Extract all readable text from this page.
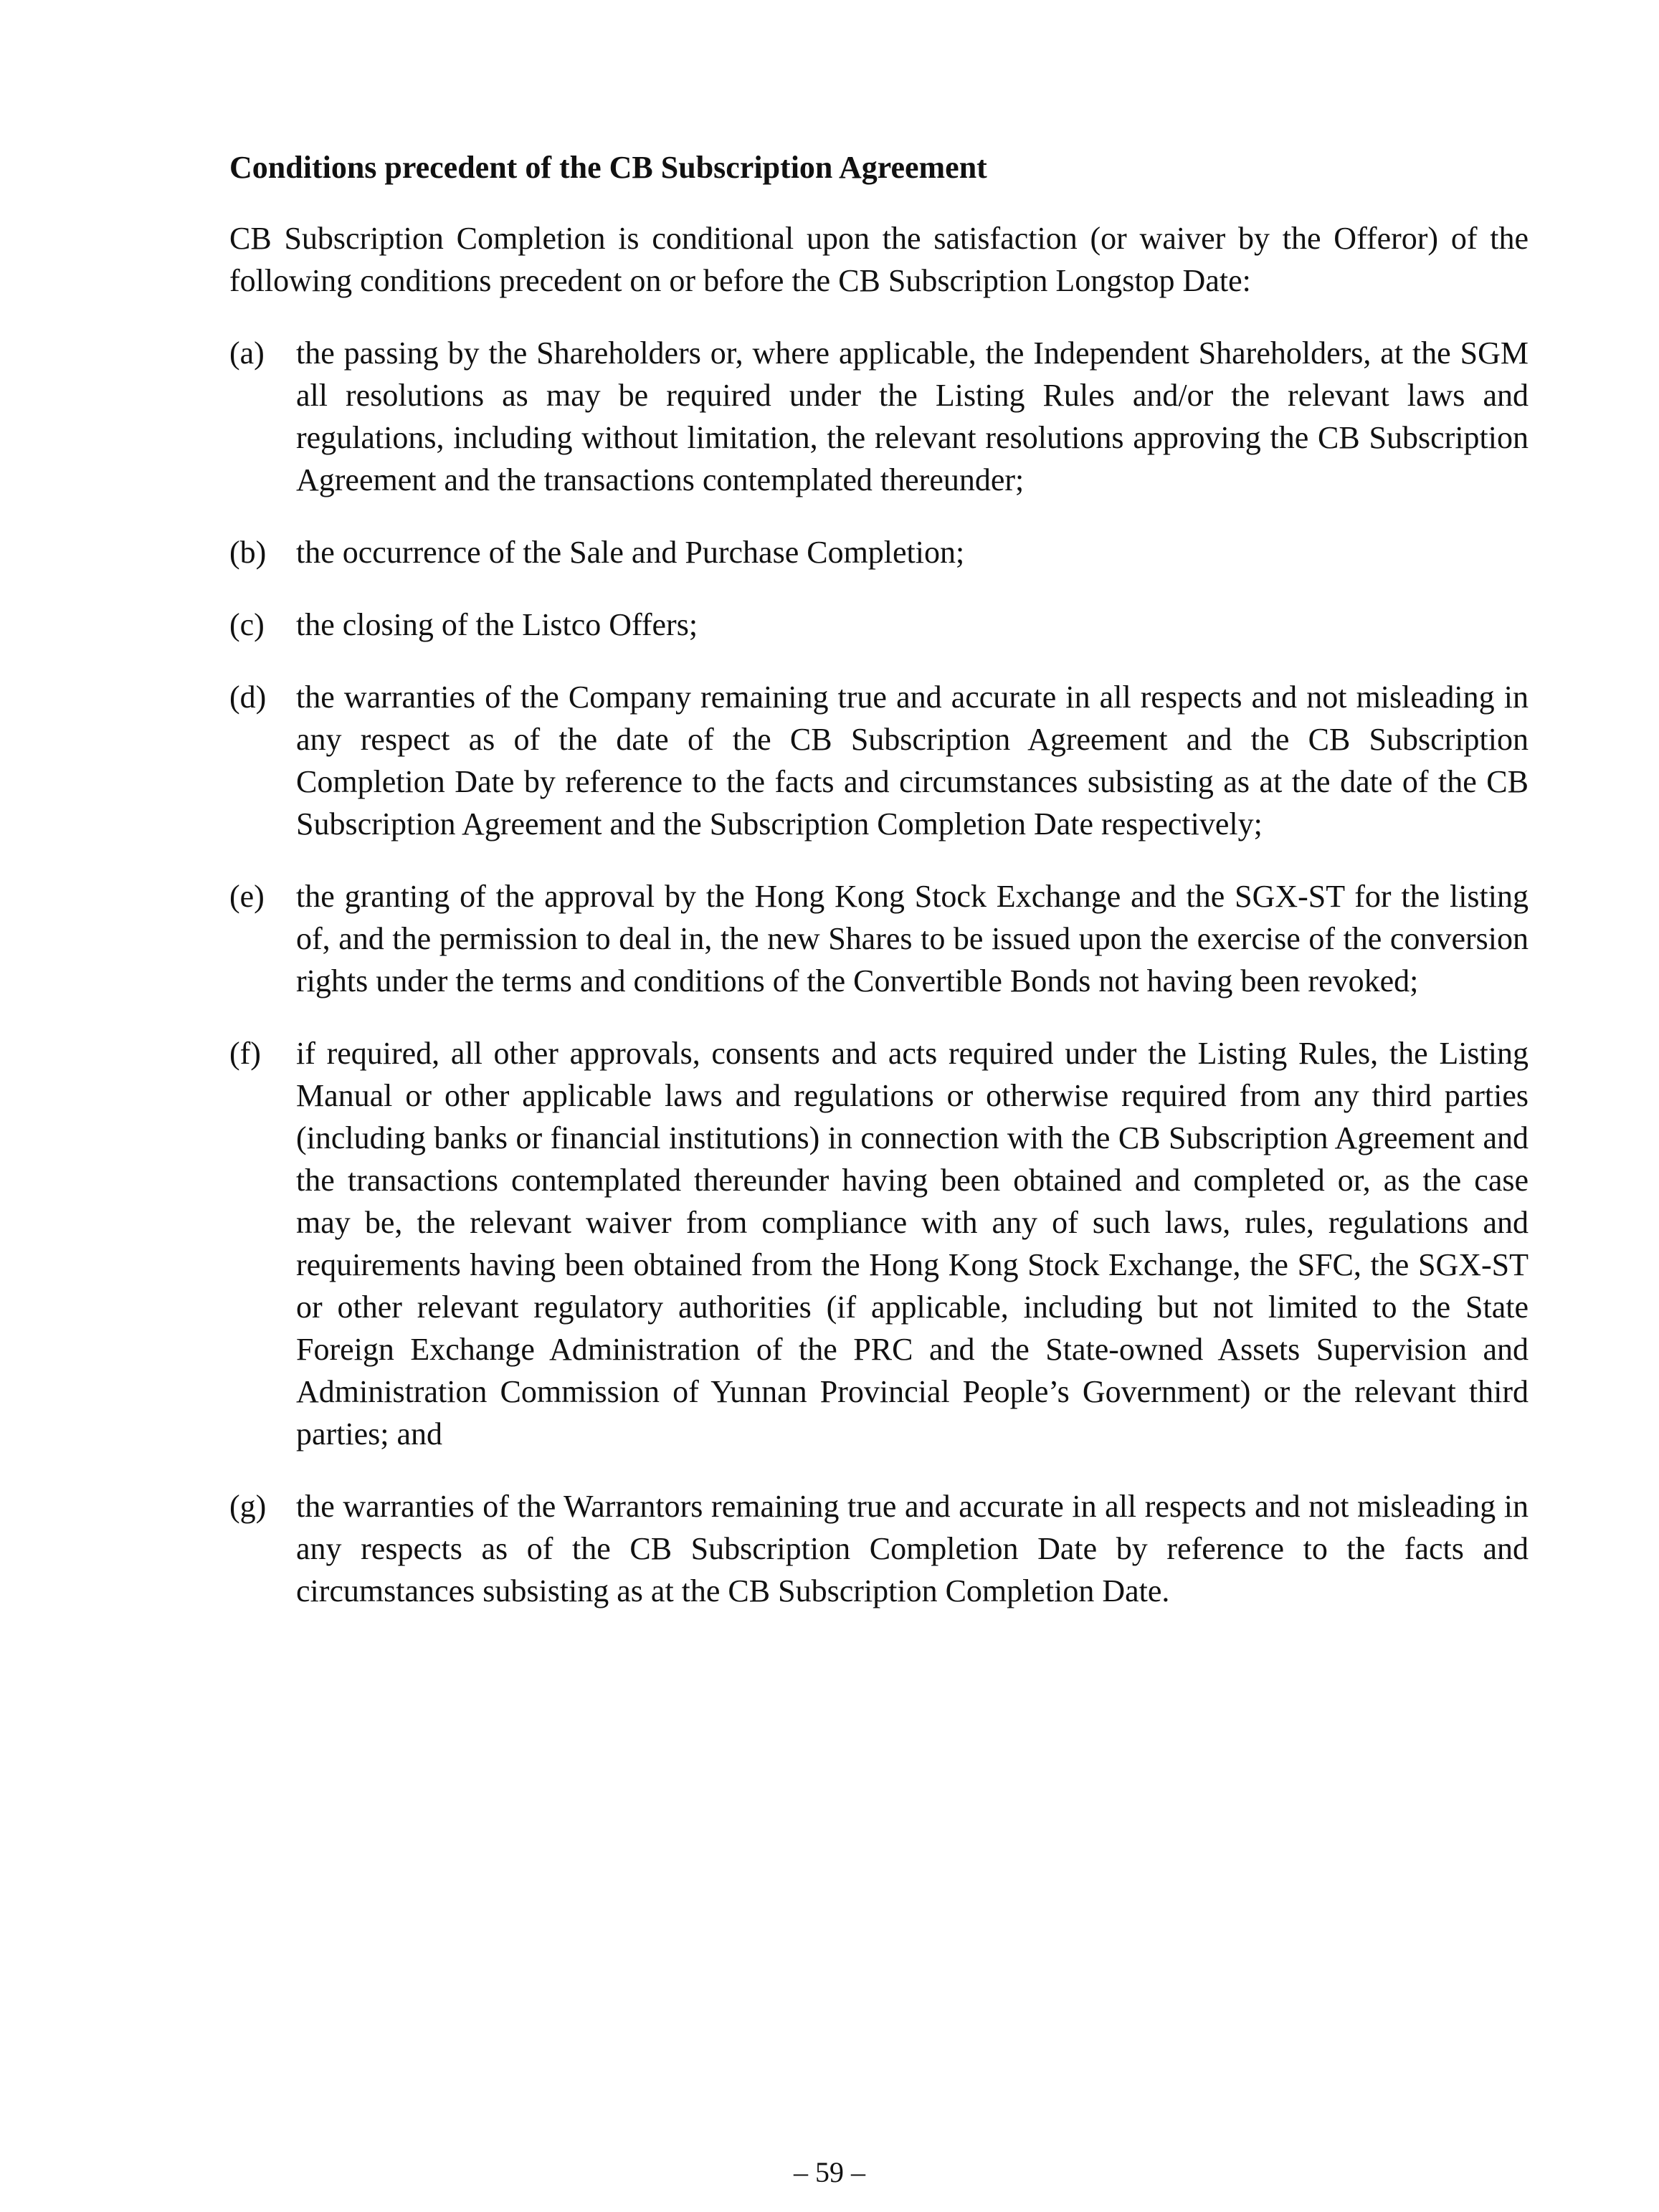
Conditions precedent of the CB Subscription Agreement

CB Subscription Completion is conditional upon the satisfaction (or waiver by the Offeror) of the following conditions precedent on or before the CB Subscription Longstop Date:

(a)	the passing by the Shareholders or, where applicable, the Independent Shareholders, at the SGM all resolutions as may be required under the Listing Rules and/or the relevant laws and regulations, including without limitation, the relevant resolutions approving the CB Subscription Agreement and the transactions contemplated thereunder;
(b) the occurrence of the Sale and Purchase Completion;
(c)	the closing of the Listco Offers;
(d) the warranties of the Company remaining true and accurate in all respects and not misleading in any respect as of the date of the CB Subscription Agreement and the CB Subscription Completion Date by reference to the facts and circumstances subsisting as at the date of the CB Subscription Agreement and the Subscription Completion Date respectively;
(e)	the granting of the approval by the Hong Kong Stock Exchange and the SGX-ST for the listing of, and the permission to deal in, the new Shares to be issued upon the exercise of the conversion rights under the terms and conditions of the Convertible Bonds not having been revoked;
(f)	if required, all other approvals, consents and acts required under the Listing Rules, the Listing Manual or other applicable laws and regulations or otherwise required from any third parties (including banks or financial institutions) in connection with the CB Subscription Agreement and the transactions contemplated thereunder having been obtained and completed or, as the case may be, the relevant waiver from compliance with any of such laws, rules, regulations and requirements having been obtained from the Hong Kong Stock Exchange, the SFC, the SGX-ST or other relevant regulatory authorities (if applicable, including but not limited to the State Foreign Exchange Administration of the PRC and the State-owned Assets Supervision and Administration Commission of Yunnan Provincial People’s Government) or the relevant third parties; and
(g) the warranties of the Warrantors remaining true and accurate in all respects and not misleading in any respects as of the CB Subscription Completion Date by reference to the facts and circumstances subsisting as at the CB Subscription Completion Date.
– 59 –
